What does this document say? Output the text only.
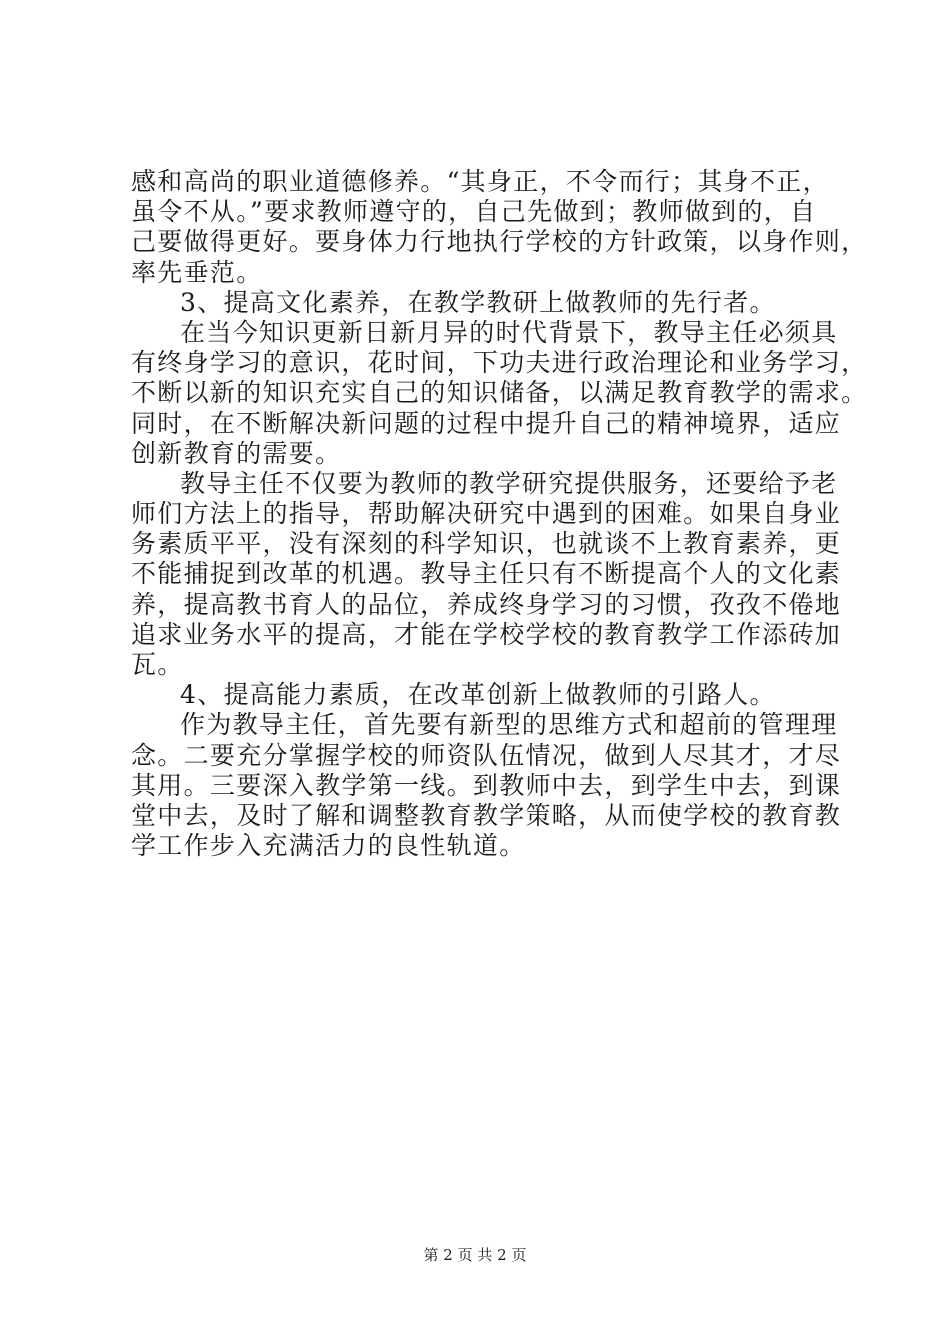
感和高尚的职业道德修养。“其身正，不令而行；其身不正，
虽令不从。”要求教师遵守的，自己先做到；教师做到的，自
己要做得更好。要身体力行地执行学校的方针政策，以身作则，
率先垂范。
3、提高文化素养，在教学教研上做教师的先行者。
在当今知识更新日新月异的时代背景下，教导主任必须具
有终身学习的意识，花时间，下功夫进行政治理论和业务学习，
不断以新的知识充实自己的知识储备，以满足教育教学的需求。
同时，在不断解决新问题的过程中提升自己的精神境界，适应
创新教育的需要。
教导主任不仅要为教师的教学研究提供服务，还要给予老
师们方法上的指导，帮助解决研究中遇到的困难。如果自身业
务素质平平，没有深刻的科学知识，也就谈不上教育素养，更
不能捕捉到改革的机遇。教导主任只有不断提高个人的文化素
养，提高教书育人的品位，养成终身学习的习惯，孜孜不倦地
追求业务水平的提高，才能在学校学校的教育教学工作添砖加
瓦。
4、提高能力素质，在改革创新上做教师的引路人。
作为教导主任，首先要有新型的思维方式和超前的管理理
念。二要充分掌握学校的师资队伍情况，做到人尽其才，才尽
其用。三要深入教学第一线。到教师中去，到学生中去，到课
堂中去，及时了解和调整教育教学策略，从而使学校的教育教
学工作步入充满活力的良性轨道。
第 2 页 共 2 页
